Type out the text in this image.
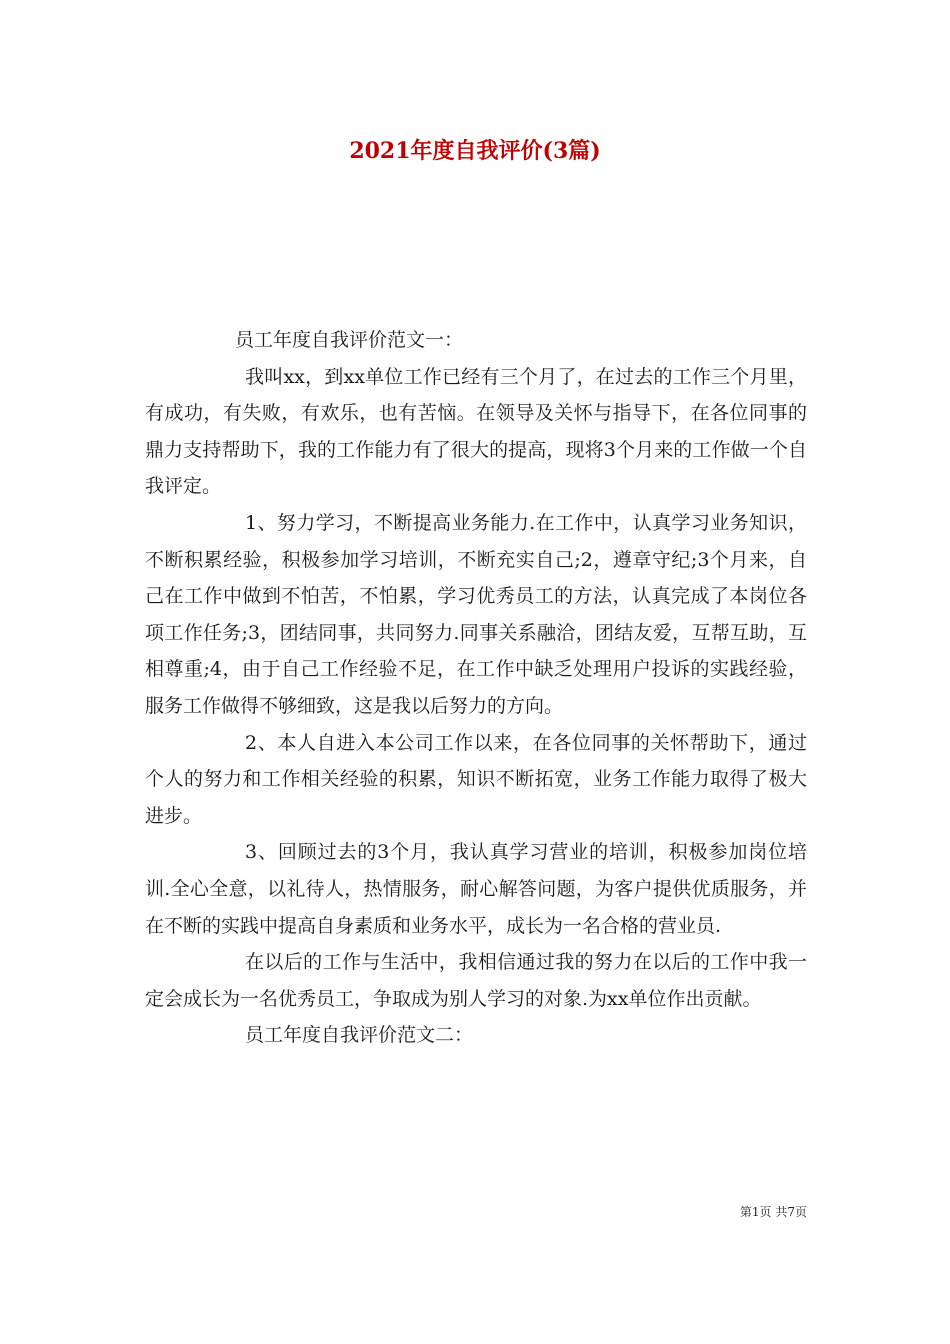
2021年度自我评价(3篇)

员工年度自我评价范文一：

我叫xx，到xx单位工作已经有三个月了，在过去的工作三个月里，有成功，有失败，有欢乐，也有苦恼。在领导及关怀与指导下，在各位同事的鼎力支持帮助下，我的工作能力有了很大的提高，现将3个月来的工作做一个自我评定。

1、努力学习，不断提高业务能力.在工作中，认真学习业务知识，不断积累经验，积极参加学习培训，不断充实自己;2，遵章守纪;3个月来，自己在工作中做到不怕苦，不怕累，学习优秀员工的方法，认真完成了本岗位各项工作任务;3，团结同事，共同努力.同事关系融洽，团结友爱，互帮互助，互相尊重;4，由于自己工作经验不足，在工作中缺乏处理用户投诉的实践经验，服务工作做得不够细致，这是我以后努力的方向。

2、本人自进入本公司工作以来，在各位同事的关怀帮助下，通过个人的努力和工作相关经验的积累，知识不断拓宽，业务工作能力取得了极大进步。

3、回顾过去的3个月，我认真学习营业的培训，积极参加岗位培训.全心全意，以礼待人，热情服务，耐心解答问题，为客户提供优质服务，并在不断的实践中提高自身素质和业务水平，成长为一名合格的营业员.

在以后的工作与生活中，我相信通过我的努力在以后的工作中我一定会成长为一名优秀员工，争取成为别人学习的对象.为xx单位作出贡献。

员工年度自我评价范文二：

第1页 共7页
